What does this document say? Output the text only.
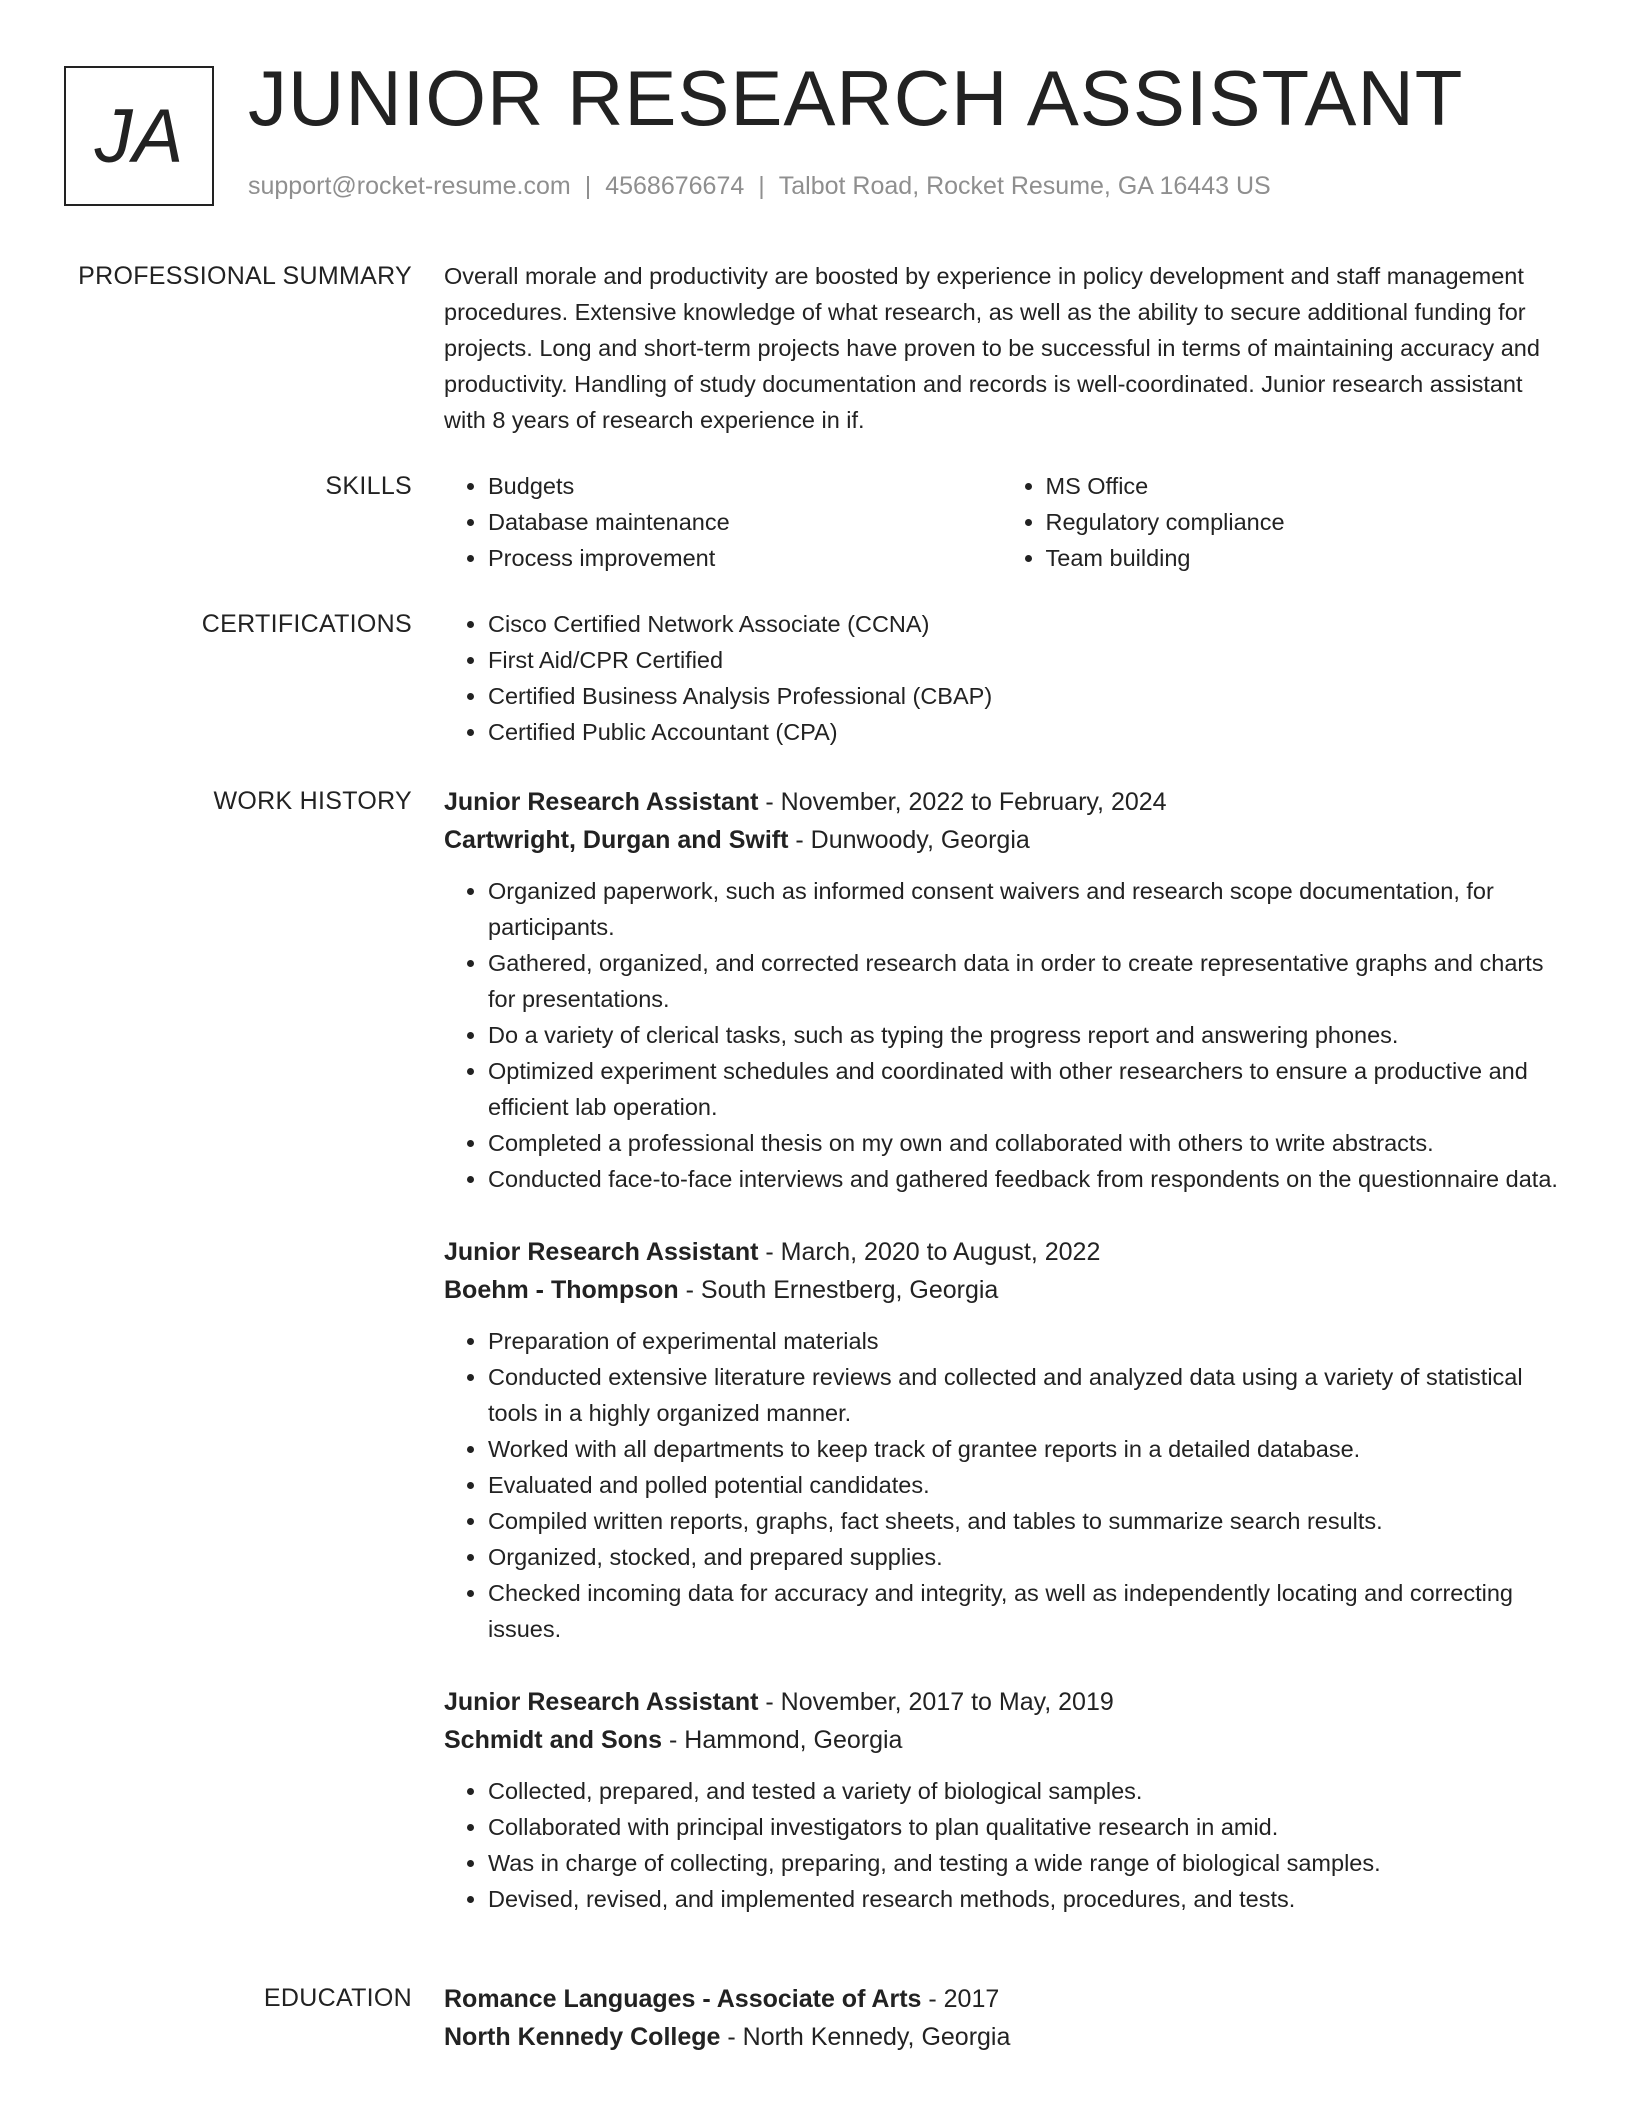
JA JUNIOR RESEARCH ASSISTANT
support@rocket-resume.com | 4568676674 | Talbot Road, Rocket Resume, GA 16443 US
PROFESSIONAL SUMMARY Overall morale and productivity are boosted by experience in policy development and staff management procedures. Extensive knowledge of what research, as well as the ability to secure additional funding for projects. Long and short-term projects have proven to be successful in terms of maintaining accuracy and productivity. Handling of study documentation and records is well-coordinated. Junior research assistant with 8 years of research experience in if.

SKILLS	• Budgets
• Database maintenance
• Process improvement
• MS Office
• Regulatory compliance
• Team building
CERTIFICATIONS	• Cisco Certified Network Associate (CCNA)
• First Aid/CPR Certified
• Certified Business Analysis Professional (CBAP)
• Certified Public Accountant (CPA)
WORK HISTORY Junior Research Assistant - November, 2022 to February, 2024
Cartwright, Durgan and Swift - Dunwoody, Georgia
• Organized paperwork, such as informed consent waivers and research scope documentation, for participants.
• Gathered, organized, and corrected research data in order to create representative graphs and charts for presentations.
• Do a variety of clerical tasks, such as typing the progress report and answering phones.
• Optimized experiment schedules and coordinated with other researchers to ensure a productive and efficient lab operation.
• Completed a professional thesis on my own and collaborated with others to write abstracts.
• Conducted face-to-face interviews and gathered feedback from respondents on the questionnaire data.
Junior Research Assistant - March, 2020 to August, 2022
Boehm - Thompson - South Ernestberg, Georgia
• Preparation of experimental materials
• Conducted extensive literature reviews and collected and analyzed data using a variety of statistical tools in a highly organized manner.
• Worked with all departments to keep track of grantee reports in a detailed database.
• Evaluated and polled potential candidates.
• Compiled written reports, graphs, fact sheets, and tables to summarize search results.
• Organized, stocked, and prepared supplies.
• Checked incoming data for accuracy and integrity, as well as independently locating and correcting issues.
Junior Research Assistant - November, 2017 to May, 2019
Schmidt and Sons - Hammond, Georgia
• Collected, prepared, and tested a variety of biological samples.
• Collaborated with principal investigators to plan qualitative research in amid.
• Was in charge of collecting, preparing, and testing a wide range of biological samples.
• Devised, revised, and implemented research methods, procedures, and tests.
EDUCATION Romance Languages - Associate of Arts - 2017
North Kennedy College - North Kennedy, Georgia
